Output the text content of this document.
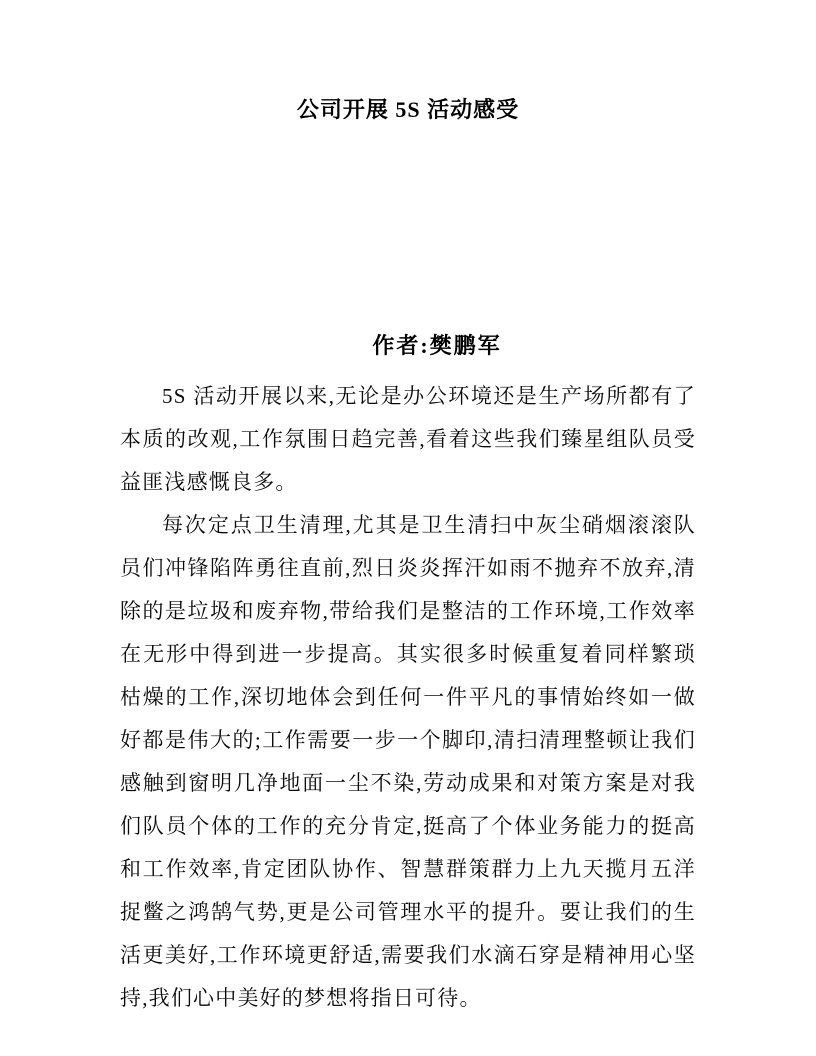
公司开展 5S 活动感受

作者:樊鹏军

5S 活动开展以来,无论是办公环境还是生产场所都有了本质的改观,工作氛围日趋完善,看着这些我们臻星组队员受益匪浅感慨良多。

每次定点卫生清理,尤其是卫生清扫中灰尘硝烟滚滚队员们冲锋陷阵勇往直前,烈日炎炎挥汗如雨不抛弃不放弃,清除的是垃圾和废弃物,带给我们是整洁的工作环境,工作效率在无形中得到进一步提高。其实很多时候重复着同样繁琐枯燥的工作,深切地体会到任何一件平凡的事情始终如一做好都是伟大的;工作需要一步一个脚印,清扫清理整顿让我们感触到窗明几净地面一尘不染,劳动成果和对策方案是对我们队员个体的工作的充分肯定,挺高了个体业务能力的挺高和工作效率,肯定团队协作、智慧群策群力上九天揽月五洋捉鳖之鸿鹄气势,更是公司管理水平的提升。要让我们的生活更美好,工作环境更舒适,需要我们水滴石穿是精神用心坚持,我们心中美好的梦想将指日可待。
